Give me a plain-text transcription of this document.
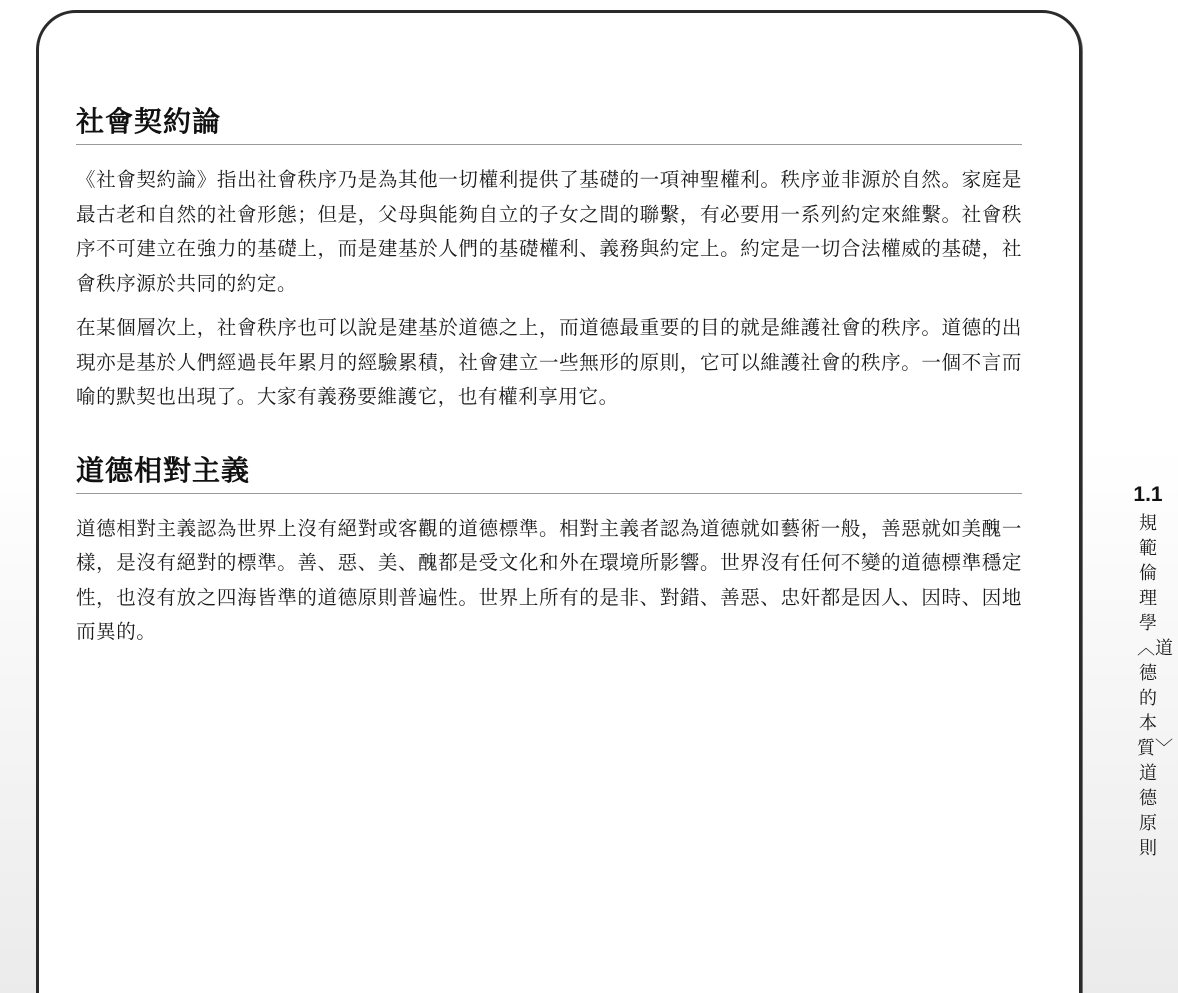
社會契約論

《社會契約論》指出社會秩序乃是為其他一切權利提供了基礎的一項神聖權利。秩序並非源於自然。家庭是最古老和自然的社會形態；但是，父母與能夠自立的子女之間的聯繫，有必要用一系列約定來維繫。社會秩序不可建立在強力的基礎上，而是建基於人們的基礎權利、義務與約定上。約定是一切合法權威的基礎，社會秩序源於共同的約定。

在某個層次上，社會秩序也可以說是建基於道德之上，而道德最重要的目的就是維護社會的秩序。道德的出現亦是基於人們經過長年累月的經驗累積，社會建立一些無形的原則，它可以維護社會的秩序。一個不言而喻的默契也出現了。大家有義務要維護它，也有權利享用它。

道德相對主義

道德相對主義認為世界上沒有絕對或客觀的道德標準。相對主義者認為道德就如藝術一般，善惡就如美醜一樣，是沒有絕對的標準。善、惡、美、醜都是受文化和外在環境所影響。世界沒有任何不變的道德標準穩定性，也沒有放之四海皆準的道德原則普遍性。世界上所有的是非、對錯、善惡、忠奸都是因人、因時、因地而異的。

1.1
規範倫理學︿道德的本質﹀道德原則
